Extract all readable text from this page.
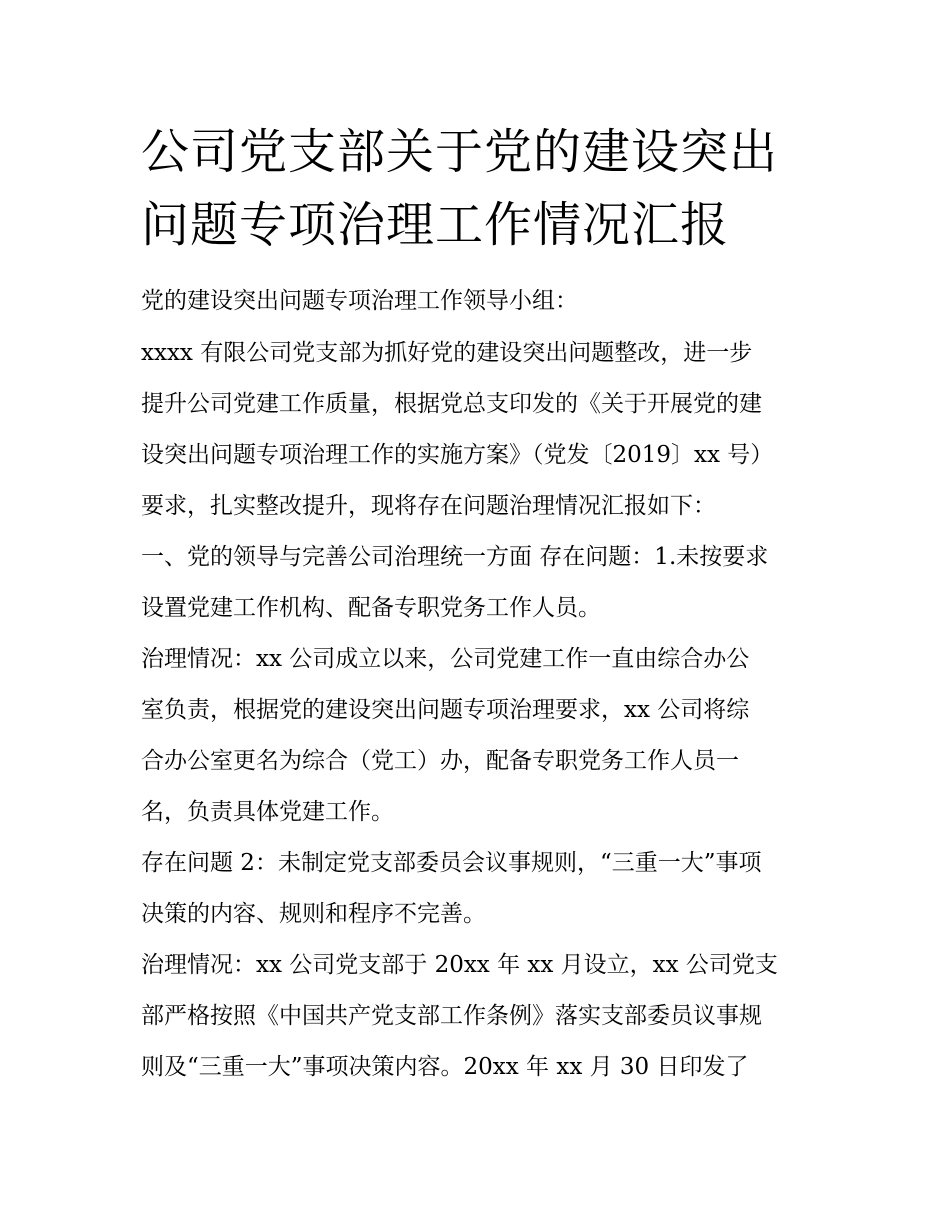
公司党支部关于党的建设突出
问题专项治理工作情况汇报

党的建设突出问题专项治理工作领导小组：

xxxx 有限公司党支部为抓好党的建设突出问题整改，进一步

提升公司党建工作质量，根据党总支印发的《关于开展党的建

设突出问题专项治理工作的实施方案》（党发〔2019〕xx 号）

要求，扎实整改提升，现将存在问题治理情况汇报如下：

一、党的领导与完善公司治理统一方面 存在问题：1.未按要求

设置党建工作机构、配备专职党务工作人员。

治理情况：xx 公司成立以来，公司党建工作一直由综合办公

室负责，根据党的建设突出问题专项治理要求，xx 公司将综

合办公室更名为综合（党工）办，配备专职党务工作人员一

名，负责具体党建工作。

存在问题 2：未制定党支部委员会议事规则，“三重一大”事项

决策的内容、规则和程序不完善。

治理情况：xx 公司党支部于 20xx 年 xx 月设立，xx 公司党支

部严格按照《中国共产党支部工作条例》落实支部委员议事规

则及“三重一大”事项决策内容。20xx 年 xx 月 30 日印发了
